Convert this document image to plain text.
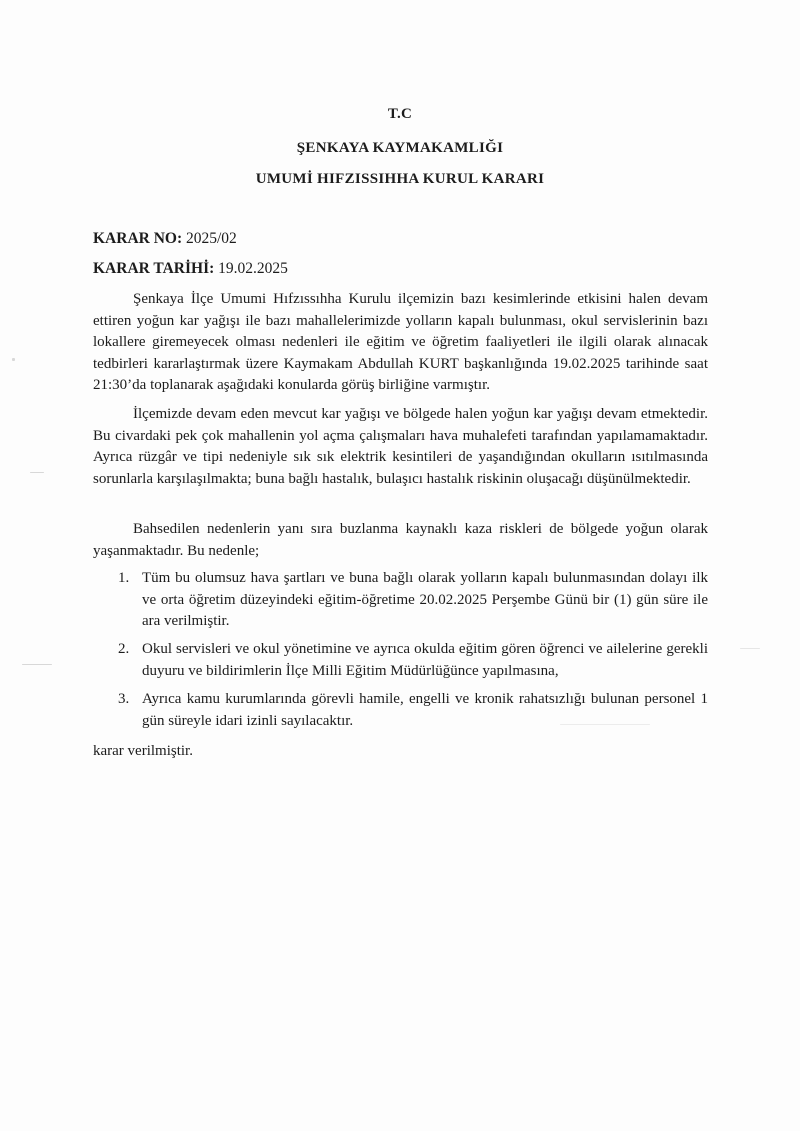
T.C
ŞENKAYA KAYMAKAMLIĞI
UMUMİ HIFZISSIHHA KURUL KARARI
KARAR NO: 2025/02
KARAR TARİHİ: 19.02.2025

Şenkaya İlçe Umumi Hıfzıssıhha Kurulu ilçemizin bazı kesimlerinde etkisini halen devam ettiren yoğun kar yağışı ile bazı mahallelerimizde yolların kapalı bulunması, okul servislerinin bazı lokallere giremeyecek olması nedenleri ile eğitim ve öğretim faaliyetleri ile ilgili olarak alınacak tedbirleri kararlaştırmak üzere Kaymakam Abdullah KURT başkanlığında 19.02.2025 tarihinde saat 21:30’da toplanarak aşağıdaki konularda görüş birliğine varmıştır.

İlçemizde devam eden mevcut kar yağışı ve bölgede halen yoğun kar yağışı devam etmektedir. Bu civardaki pek çok mahallenin yol açma çalışmaları hava muhalefeti tarafından yapılamamaktadır. Ayrıca rüzgâr ve tipi nedeniyle sık sık elektrik kesintileri de yaşandığından okulların ısıtılmasında sorunlarla karşılaşılmakta; buna bağlı hastalık, bulaşıcı hastalık riskinin oluşacağı düşünülmektedir.

Bahsedilen nedenlerin yanı sıra buzlanma kaynaklı kaza riskleri de bölgede yoğun olarak yaşanmaktadır. Bu nedenle;

1. Tüm bu olumsuz hava şartları ve buna bağlı olarak yolların kapalı bulunmasından dolayı ilk ve orta öğretim düzeyindeki eğitim-öğretime 20.02.2025 Perşembe Günü bir (1) gün süre ile ara verilmiştir.
2. Okul servisleri ve okul yönetimine ve ayrıca okulda eğitim gören öğrenci ve ailelerine gerekli duyuru ve bildirimlerin İlçe Milli Eğitim Müdürlüğünce yapılmasına,
3. Ayrıca kamu kurumlarında görevli hamile, engelli ve kronik rahatsızlığı bulunan personel 1 gün süreyle idari izinli sayılacaktır.
karar verilmiştir.
